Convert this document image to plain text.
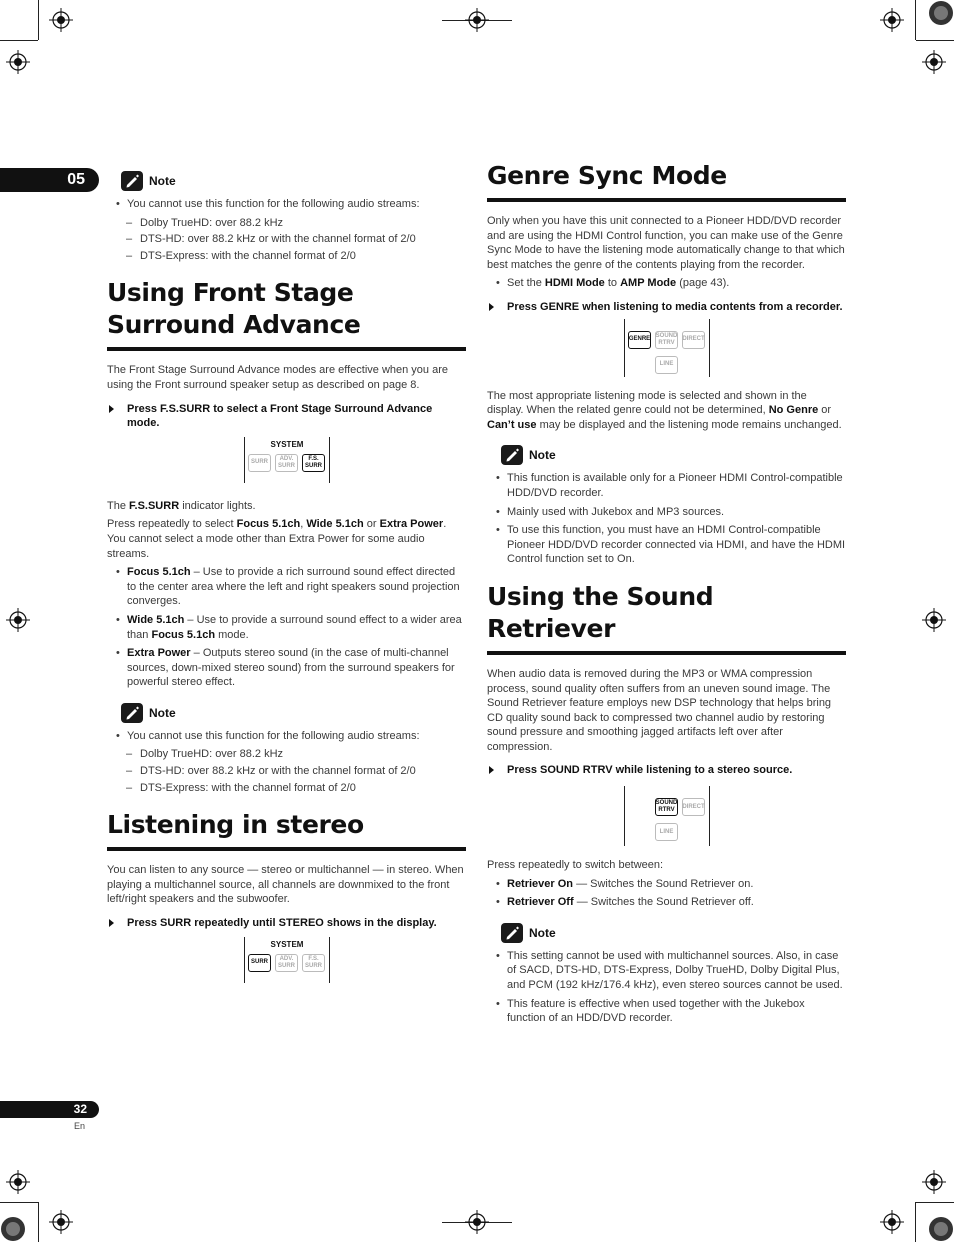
05
32
En
Note

• You cannot use this function for the following audio streams:

– Dolby TrueHD: over 88.2 kHz

– DTS-HD: over 88.2 kHz or with the channel format of 2/0

– DTS-Express: with the channel format of 2/0

Using Front Stage Surround Advance

The Front Stage Surround Advance modes are effective when you are using the Front surround speaker setup as described on page 8.

Press F.S.SURR to select a Front Stage Surround Advance mode.

SYSTEM
SURR
ADV.
SURR
F.S.
SURR

The F.S.SURR indicator lights.

Press repeatedly to select Focus 5.1ch, Wide 5.1ch or Extra Power. You cannot select a mode other than Extra Power for some audio streams.

• Focus 5.1ch – Use to provide a rich surround sound effect directed to the center area where the left and right speakers sound projection converges.

• Wide 5.1ch – Use to provide a surround sound effect to a wider area than Focus 5.1ch mode.

• Extra Power – Outputs stereo sound (in the case of multi-channel sources, down-mixed stereo sound) from the surround speakers for powerful stereo effect.

Note

• You cannot use this function for the following audio streams:

– Dolby TrueHD: over 88.2 kHz

– DTS-HD: over 88.2 kHz or with the channel format of 2/0

– DTS-Express: with the channel format of 2/0

Listening in stereo

You can listen to any source — stereo or multichannel — in stereo. When playing a multichannel source, all channels are downmixed to the front left/right speakers and the subwoofer.

Press SURR repeatedly until STEREO shows in the display.

SYSTEM
SURR
ADV.
SURR
F.S.
SURR
Genre Sync Mode

Only when you have this unit connected to a Pioneer HDD/DVD recorder and are using the HDMI Control function, you can make use of the Genre Sync Mode to have the listening mode automatically change to that which best matches the genre of the contents playing from the recorder.

• Set the HDMI Mode to AMP Mode (page 43).

Press GENRE when listening to media contents from a recorder.

GENRE
SOUND
RTRV
DIRECT
LINE

The most appropriate listening mode is selected and shown in the display. When the related genre could not be determined, No Genre or Can’t use may be displayed and the listening mode remains unchanged.

Note

• This function is available only for a Pioneer HDMI Control-compatible HDD/DVD recorder.

• Mainly used with Jukebox and MP3 sources.

• To use this function, you must have an HDMI Control-compatible Pioneer HDD/DVD recorder connected via HDMI, and have the HDMI Control function set to On.

Using the Sound Retriever

When audio data is removed during the MP3 or WMA compression process, sound quality often suffers from an uneven sound image. The Sound Retriever feature employs new DSP technology that helps bring CD quality sound back to compressed two channel audio by restoring sound pressure and smoothing jagged artifacts left over after compression.

Press SOUND RTRV while listening to a stereo source.

SOUND
RTRV
DIRECT
LINE

Press repeatedly to switch between:

• Retriever On — Switches the Sound Retriever on.

• Retriever Off — Switches the Sound Retriever off.

Note

• This setting cannot be used with multichannel sources. Also, in case of SACD, DTS-HD, DTS-Express, Dolby TrueHD, Dolby Digital Plus, and PCM (192 kHz/176.4 kHz), even stereo sources cannot be used.

• This feature is effective when used together with the Jukebox function of an HDD/DVD recorder.
